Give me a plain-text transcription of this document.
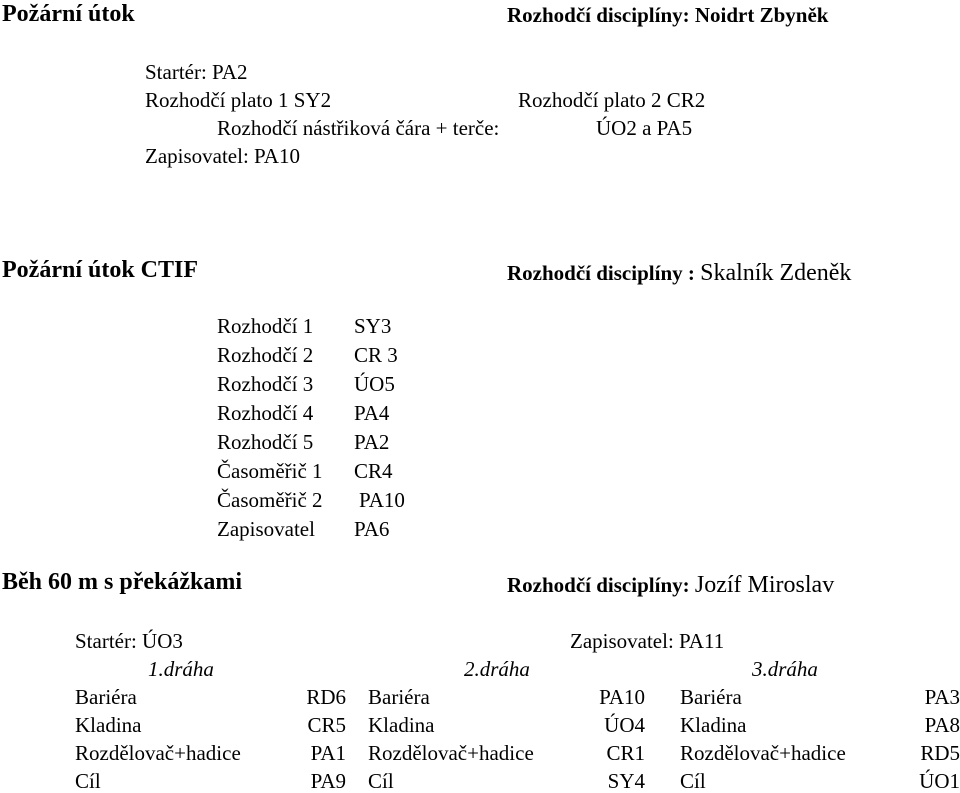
Požární útok	Rozhodčí disciplíny: Noidrt Zbyněk
Startér: PA2
Rozhodčí plato 1 SY2	Rozhodčí plato 2 CR2
Rozhodčí nástřiková čára + terče:	ÚO2 a PA5
Zapisovatel: PA10
Požární útok CTIF	Rozhodčí disciplíny : Skalník Zdeněk
Rozhodčí 1 SY3
Rozhodčí 2 CR 3
Rozhodčí 3 ÚO5
Rozhodčí 4 PA4
Rozhodčí 5 PA2
Časoměřič 1 CR4
Časoměřič 2 PA10
Zapisovatel PA6
Běh 60 m s překážkami	Rozhodčí disciplíny: Jozíf Miroslav
Startér: ÚO3	Zapisovatel: PA11
1.dráha	2.dráha	3.dráha
Bariéra	RD6
Kladina	CR5
Rozdělovač+hadice	PA1
Cíl	PA9
Bariéra	PA10
Kladina	ÚO4
Rozdělovač+hadice	CR1
Cíl	SY4
Bariéra	PA3
Kladina	PA8
Rozdělovač+hadice	RD5
Cíl	ÚO1
